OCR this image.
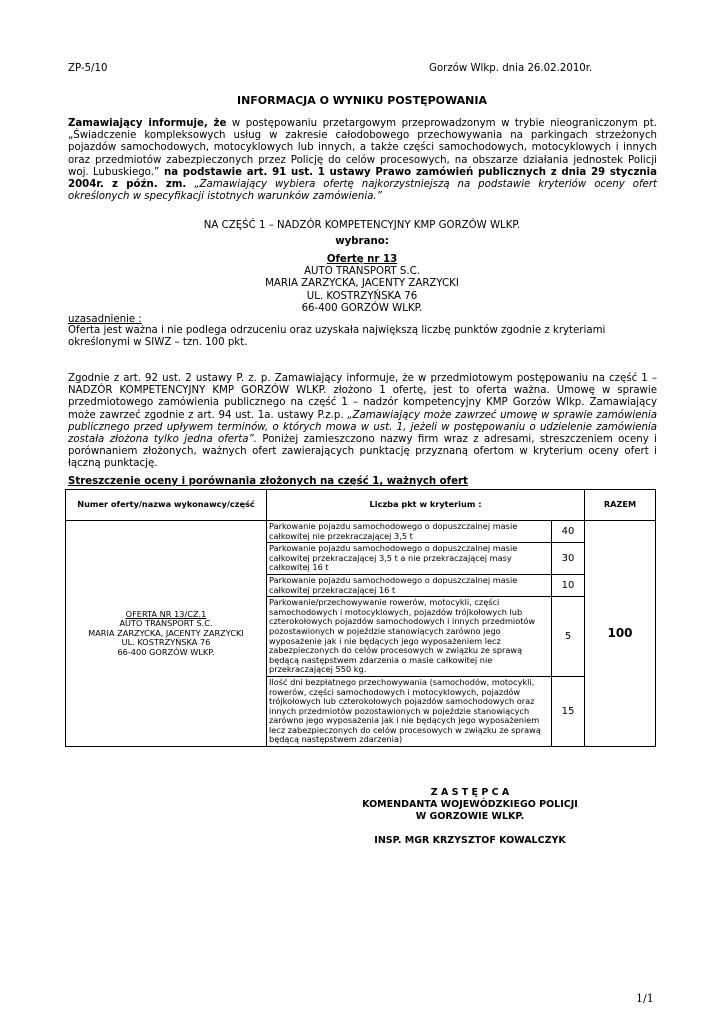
ZP-5/10	Gorzów Wlkp. dnia 26.02.2010r.
INFORMACJA O WYNIKU POSTĘPOWANIA
Zamawiający informuje, że w postępowaniu przetargowym przeprowadzonym w trybie nieograniczonym pt. „Świadczenie kompleksowych usług w zakresie całodobowego przechowywania na parkingach strzeżonych pojazdów samochodowych, motocyklowych lub innych, a także części samochodowych, motocyklowych i innych oraz przedmiotów zabezpieczonych przez Policję do celów procesowych, na obszarze działania jednostek Policji woj. Lubuskiego.” na podstawie art. 91 ust. 1 ustawy Prawo zamówień publicznych z dnia 29 stycznia 2004r. z późn. zm. „Zamawiający wybiera ofertę najkorzystniejszą na podstawie kryteriów oceny ofert określonych w specyfikacji istotnych warunków zamówienia.”
NA CZĘŚĆ 1 – NADZÓR KOMPETENCYJNY KMP GORZÓW WLKP.
wybrano:
Ofertę nr 13
AUTO TRANSPORT S.C.
MARIA ZARZYCKA, JACENTY ZARZYCKI
UL. KOSTRZYŃSKA 76
66-400 GORZÓW WLKP.
uzasadnienie :
Oferta jest ważna i nie podlega odrzuceniu oraz uzyskała największą liczbę punktów zgodnie z kryteriami określonymi w SIWZ – tzn. 100 pkt.
Zgodnie z art. 92 ust. 2 ustawy P. z. p. Zamawiający informuje, że w przedmiotowym postępowaniu na część 1 – NADZÓR KOMPETENCYJNY KMP GORZÓW WLKP. złożono 1 ofertę, jest to oferta ważna. Umowę w sprawie przedmiotowego zamówienia publicznego na część 1 – nadzór kompetencyjny KMP Gorzów Wlkp. Zamawiający może zawrzeć zgodnie z art. 94 ust. 1a. ustawy P.z.p. „Zamawiający może zawrzeć umowę w sprawie zamówienia publicznego przed upływem terminów, o których mowa w ust. 1, jeżeli w postępowaniu o udzielenie zamówienia została złożona tylko jedna oferta”. Poniżej zamieszczono nazwy firm wraz z adresami, streszczeniem oceny i porównaniem złożonych, ważnych ofert zawierających punktację przyznaną ofertom w kryterium oceny ofert i łączną punktację.
Streszczenie oceny i porównania złożonych na część 1, ważnych ofert
Numer oferty/nazwa wykonawcy/część	Liczba pkt w kryterium :		RAZEM

OFERTA NR 13/CZ.1
AUTO TRANSPORT S.C.
MARIA ZARZYCKA, JACENTY ZARZYCKI
UL. KOSTRZYŃSKA 76
66-400 GORZÓW WLKP.	Parkowanie pojazdu samochodowego o dopuszczalnej masie całkowitej nie przekraczającej 3,5 t	40	100
	Parkowanie pojazdu samochodowego o dopuszczalnej masie całkowitej przekraczającej 3,5 t a nie przekraczającej masy całkowitej 16 t	30	
	Parkowanie pojazdu samochodowego o dopuszczalnej masie całkowitej przekraczającej 16 t	10	
	Parkowanie/przechowywanie rowerów, motocykli, części samochodowych i motocyklowych, pojazdów trójkołowych lub czterokołowych pojazdów samochodowych i innych przedmiotów pozostawionych w pojeździe stanowiących zarówno jego wyposażenie jak i nie będących jego wyposażeniem lecz zabezpieczonych do celów procesowych w związku ze sprawą będącą następstwem zdarzenia o masie całkowitej nie przekraczającej 550 kg.	5	
	Ilość dni bezpłatnego przechowywania (samochodów, motocykli, rowerów, części samochodowych i motocyklowych, pojazdów trójkołowych lub czterokołowych pojazdów samochodowych oraz innych przedmiotów pozostawionych w pojeździe stanowiących zarówno jego wyposażenia jak i nie będących jego wyposażeniem lecz zabezpieczonych do celów procesowych w związku ze sprawą będącą następstwem zdarzenia)	15	
Z A S T Ę P C A
KOMENDANTA WOJEWÓDZKIEGO POLICJI
W GORZOWIE WLKP.
INSP. MGR KRZYSZTOF KOWALCZYK
1/1
